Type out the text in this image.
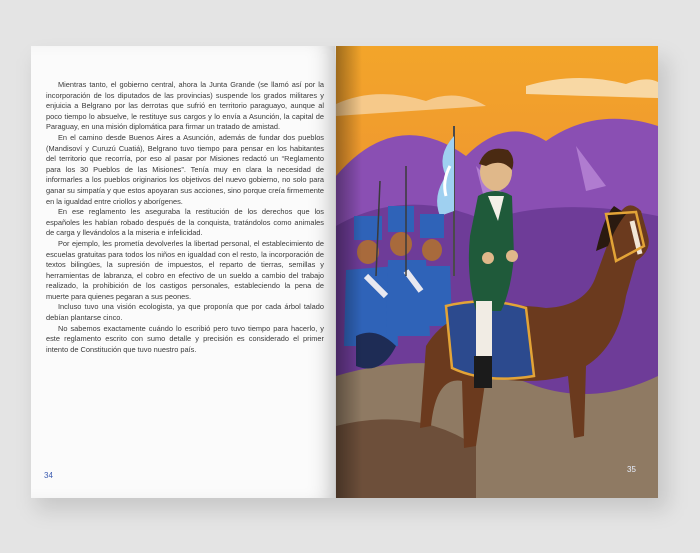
Mientras tanto, el gobierno central, ahora la Junta Grande (se llamó así por la incorporación de los diputados de las provincias) suspende los grados militares y enjuicia a Belgrano por las derrotas que sufrió en territorio paraguayo, aunque al poco tiempo lo absuelve, le restituye sus cargos y lo envía a Asunción, la capital de Paraguay, en una misión diplomática para firmar un tratado de amistad.

En el camino desde Buenos Aires a Asunción, además de fundar dos pueblos (Mandisoví y Curuzú Cuatiá), Belgrano tuvo tiempo para pensar en los habitantes del territorio que recorría, por eso al pasar por Misiones redactó un “Reglamento para los 30 Pueblos de las Misiones”. Tenía muy en clara la necesidad de informarles a los pueblos originarios los objetivos del nuevo gobierno, no solo para ganar su simpatía y que estos apoyaran sus acciones, sino porque creía firmemente en la igualdad entre criollos y aborígenes.

En ese reglamento les aseguraba la restitución de los derechos que los españoles les habían robado después de la conquista, tratándolos como animales de carga y llevándolos a la miseria e infelicidad.

Por ejemplo, les prometía devolverles la libertad personal, el establecimiento de escuelas gratuitas para todos los niños en igualdad con el resto, la incorporación de textos bilingües, la supresión de impuestos, el reparto de tierras, semillas y herramientas de labranza, el cobro en efectivo de un sueldo a cambio del trabajo realizado, la prohibición de los castigos personales, estableciendo la pena de muerte para quienes pegaran a sus peones.

Incluso tuvo una visión ecologista, ya que proponía que por cada árbol talado debían plantarse cinco.

No sabemos exactamente cuándo lo escribió pero tuvo tiempo para hacerlo, y este reglamento escrito con sumo detalle y precisión es considerado el primer intento de Constitución que tuvo nuestro país.

34
35
